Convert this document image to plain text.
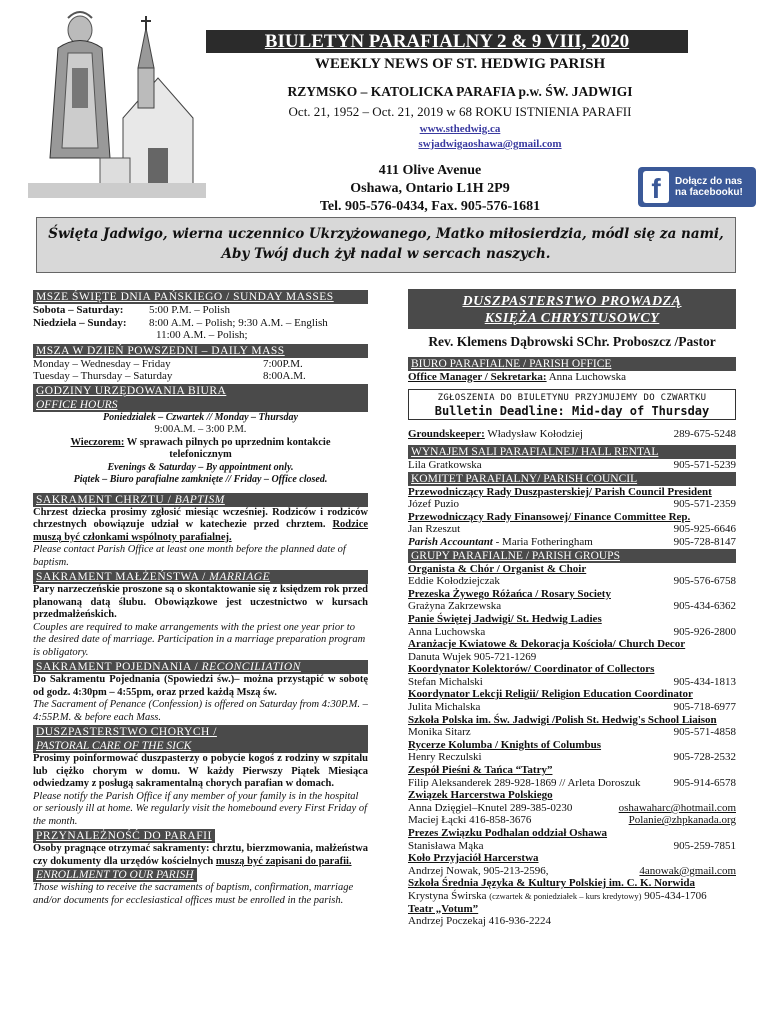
BIULETYN PARAFIALNY 2 & 9 VIII, 2020
WEEKLY NEWS OF ST. HEDWIG PARISH
RZYMSKO – KATOLICKA PARAFIA p.w. ŚW. JADWIGI
Oct. 21, 1952 – Oct. 21, 2019 w 68 ROKU ISTNIENIA PARAFII
www.sthedwig.ca
swjadwigaoshawa@gmail.com
411 Olive Avenue
Oshawa, Ontario L1H 2P9
Tel. 905-576-0434, Fax. 905-576-1681
f	Dołącz do nas
na facebooku!
Święta Jadwigo, wierna uczennico Ukrzyżowanego, Matko miłosierdzia, módl się za nami,
Aby Twój duch żył nadal w sercach naszych.
MSZE ŚWIĘTE DNIA PAŃSKIEGO / SUNDAY MASSES
Sobota – Saturday:	5:00 P.M. – Polish
Niedziela – Sunday:	8:00 A.M. – Polish; 9:30 A.M. – English
11:00 A.M. – Polish;
MSZA W DZIEŃ POWSZEDNI – DAILY MASS
Monday – Wednesday – Friday	7:00P.M.
Tuesday – Thursday – Saturday	8:00A.M.
GODZINY URZĘDOWANIA BIURA
OFFICE HOURS
Poniedziałek – Czwartek // Monday – Thursday
9:00A.M. – 3:00 P.M.
Wieczorem: W sprawach pilnych po uprzednim kontakcie telefonicznym
Evenings & Saturday – By appointment only.
Piątek – Biuro parafialne zamknięte // Friday – Office closed.
SAKRAMENT CHRZTU / BAPTISM
Chrzest dziecka prosimy zgłosić miesiąc wcześniej. Rodziców i rodziców chrzestnych obowiązuje udział w katechezie przed chrztem. Rodzice muszą być członkami wspólnoty parafialnej.
Please contact Parish Office at least one month before the planned date of baptism.
SAKRAMENT MAŁŻEŃSTWA / MARRIAGE
Pary narzeczeńskie proszone są o skontaktowanie się z księdzem rok przed planowaną datą ślubu. Obowiązkowe jest uczestnictwo w kursach przedmałżeńskich.
Couples are required to make arrangements with the priest one year prior to the desired date of marriage. Participation in a marriage preparation program is obligatory.
SAKRAMENT POJEDNANIA / RECONCILIATION
Do Sakramentu Pojednania (Spowiedzi św.)– można przystąpić w sobotę od godz. 4:30pm – 4:55pm, oraz przed każdą Mszą św.
The Sacrament of Penance (Confession) is offered on Saturday from 4:30P.M. – 4:55P.M. & before each Mass.
DUSZPASTERSTWO CHORYCH /
PASTORAL CARE OF THE SICK
Prosimy poinformować duszpasterzy o pobycie kogoś z rodziny w szpitalu lub ciężko chorym w domu. W każdy Pierwszy Piątek Miesiąca odwiedzamy z posługą sakramentalną chorych parafian w domach.
Please notify the Parish Office if any member of your family is in the hospital or seriously ill at home. We regularly visit the homebound every First Friday of the month.
PRZYNALEŻNOŚĆ DO PARAFII
Osoby pragnące otrzymać sakramenty: chrztu, bierzmowania, małżeństwa czy dokumenty dla urzędów kościelnych muszą być zapisani do parafii.
ENROLLMENT TO OUR PARISH
Those wishing to receive the sacraments of baptism, confirmation, marriage and/or documents for ecclesiastical offices must be enrolled in the parish.
DUSZPASTERSTWO PROWADZĄ
KSIĘŻA CHRYSTUSOWCY
Rev. Klemens Dąbrowski SChr. Proboszcz /Pastor
BIURO PARAFIALNE / PARISH OFFICE
Office Manager / Sekretarka: Anna Luchowska
ZGŁOSZENIA DO BIULETYNU PRZYJMUJEMY DO CZWARTKU
Bulletin Deadline: Mid-day of Thursday
Groundskeeper: Władysław Kołodziej	289-675-5248
WYNAJEM SALI PARAFIALNEJ/ HALL RENTAL
Lila Gratkowska	905-571-5239
KOMITET PARAFIALNY/ PARISH COUNCIL
Przewodniczący Rady Duszpasterskiej/ Parish Council President
Józef Puzio	905-571-2359
Przewodniczący Rady Finansowej/ Finance Committee Rep.
Jan Rzeszut	905-925-6646
Parish Accountant - Maria Fotheringham	905-728-8147
GRUPY PARAFIALNE / PARISH GROUPS
Organista & Chór / Organist & Choir
Eddie Kołodziejczak	905-576-6758
Prezeska Żywego Różańca / Rosary Society
Grażyna Zakrzewska	905-434-6362
Panie Świętej Jadwigi/ St. Hedwig Ladies
Anna Luchowska	905-926-2800
Aranżacje Kwiatowe & Dekoracja Kościoła/ Church Decor
Danuta Wujek 905-721-1269
Koordynator Kolektorów/ Coordinator of Collectors
Stefan Michalski	905-434-1813
Koordynator Lekcji Religii/ Religion Education Coordinator
Julita Michalska	905-718-6977
Szkoła Polska im. Św. Jadwigi /Polish St. Hedwig's School Liaison
Monika Sitarz	905-571-4858
Rycerze Kolumba / Knights of Columbus
Henry Reczulski	905-728-2532
Zespół Pieśni & Tańca “Tatry”
Filip Aleksanderek 289-928-1869 // Arleta Doroszuk	905-914-6578
Związek Harcerstwa Polskiego
Anna Dzięgiel–Knutel 289-385-0230	oshawaharc@hotmail.com
Maciej Łącki 416-858-3676	Polanie@zhpkanada.org
Prezes Związku Podhalan oddział Oshawa
Stanisława Mąka	905-259-7851
Koło Przyjaciół Harcerstwa
Andrzej Nowak, 905-213-2596,	4anowak@gmail.com
Szkoła Średnia Języka & Kultury Polskiej im. C. K. Norwida
Krystyna Świrska (czwartek & poniedziałek – kurs kredytowy) 905-434-1706
Teatr „Votum”
Andrzej Poczekaj 416-936-2224
